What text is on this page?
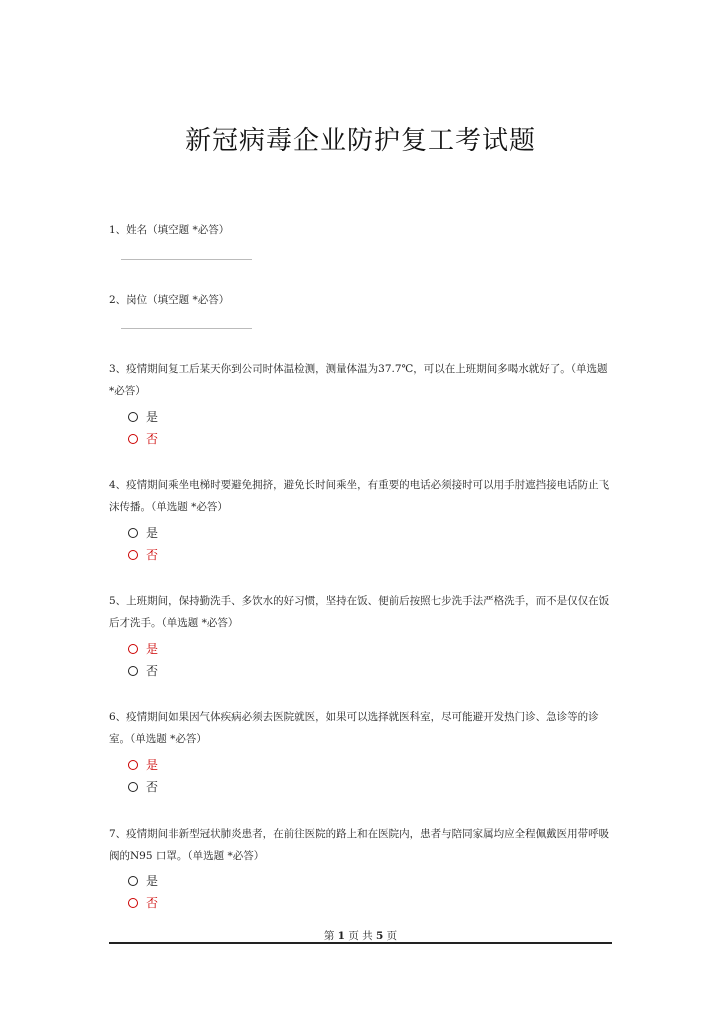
新冠病毒企业防护复工考试题
1、姓名（填空题 *必答）
2、岗位（填空题 *必答）
3、疫情期间复工后某天你到公司时体温检测，测量体温为37.7℃，可以在上班期间多喝水就好了。（单选题 *必答）
是
否
4、疫情期间乘坐电梯时要避免拥挤，避免长时间乘坐，有重要的电话必须接时可以用手肘遮挡接电话防止飞沫传播。（单选题 *必答）
是
否
5、上班期间，保持勤洗手、多饮水的好习惯，坚持在饭、便前后按照七步洗手法严格洗手，而不是仅仅在饭后才洗手。（单选题 *必答）
是
否
6、疫情期间如果因气体疾病必须去医院就医，如果可以选择就医科室，尽可能避开发热门诊、急诊等的诊室。（单选题 *必答）
是
否
7、疫情期间非新型冠状肺炎患者，在前往医院的路上和在医院内，患者与陪同家属均应全程佩戴医用带呼吸阀的N95 口罩。（单选题 *必答）
是
否
第 1 页 共 5 页
